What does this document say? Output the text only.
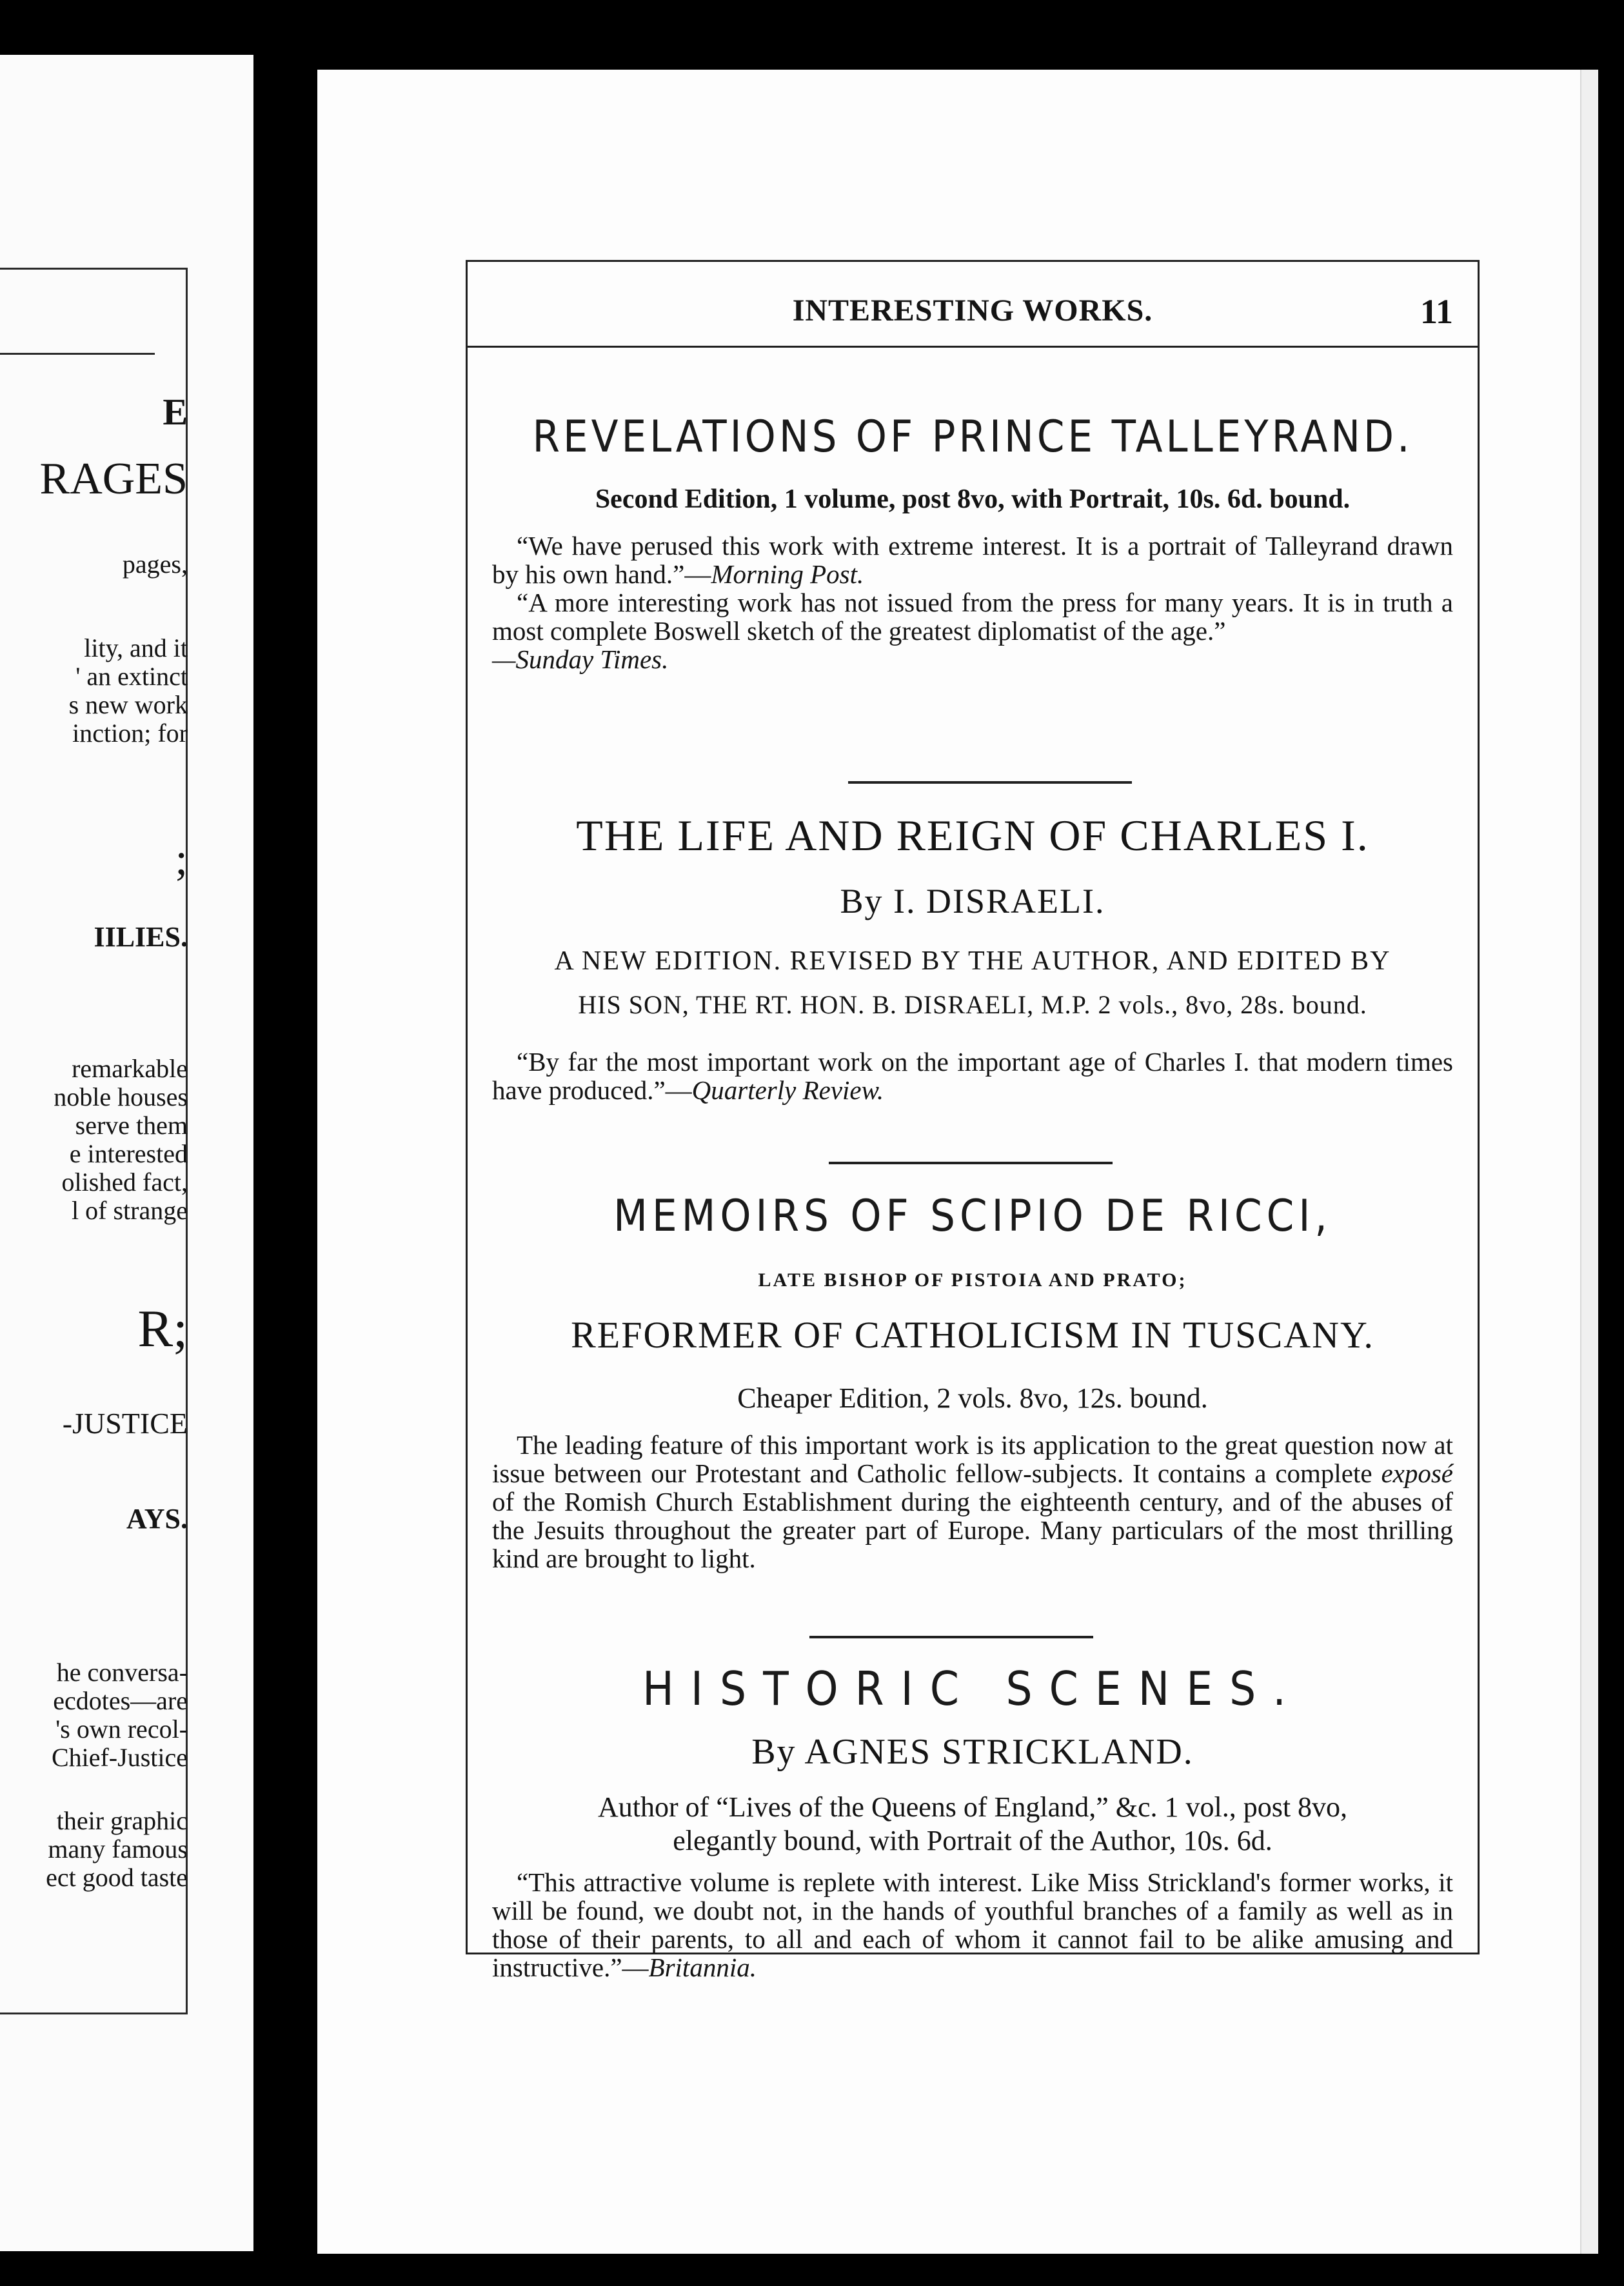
E
RAGES
pages,
lity, and it
' an extinct
s new work
inction; for
;
IILIES.
remarkable
noble houses
serve them
e interested
olished fact,
l of strange
R;
-JUSTICE
AYS.
he conversa-
ecdotes—are
's own recol-
Chief-Justice
their graphic
many famous
ect good taste
INTERESTING WORKS.	11
REVELATIONS OF PRINCE TALLEYRAND.
Second Edition, 1 volume, post 8vo, with Portrait, 10s. 6d. bound.

“We have perused this work with extreme interest. It is a portrait of Talleyrand drawn by his own hand.”—Morning Post.

“A more interesting work has not issued from the press for many years. It is in truth a most complete Boswell sketch of the greatest diplomatist of the age.”

—Sunday Times.

THE LIFE AND REIGN OF CHARLES I.
By I. DISRAELI.
A NEW EDITION. REVISED BY THE AUTHOR, AND EDITED BY
HIS SON, THE RT. HON. B. DISRAELI, M.P. 2 vols., 8vo, 28s. bound.

“By far the most important work on the important age of Charles I. that modern times have produced.”—Quarterly Review.

MEMOIRS OF SCIPIO DE RICCI,
LATE BISHOP OF PISTOIA AND PRATO;
REFORMER OF CATHOLICISM IN TUSCANY.
Cheaper Edition, 2 vols. 8vo, 12s. bound.

The leading feature of this important work is its application to the great question now at issue between our Protestant and Catholic fellow-subjects. It contains a complete exposé of the Romish Church Establishment during the eighteenth century, and of the abuses of the Jesuits throughout the greater part of Europe. Many particulars of the most thrilling kind are brought to light.

HISTORIC SCENES.
By AGNES STRICKLAND.
Author of “Lives of the Queens of England,” &c. 1 vol., post 8vo,
elegantly bound, with Portrait of the Author, 10s. 6d.

“This attractive volume is replete with interest. Like Miss Strickland's former works, it will be found, we doubt not, in the hands of youthful branches of a family as well as in those of their parents, to all and each of whom it cannot fail to be alike amusing and instructive.”—Britannia.
